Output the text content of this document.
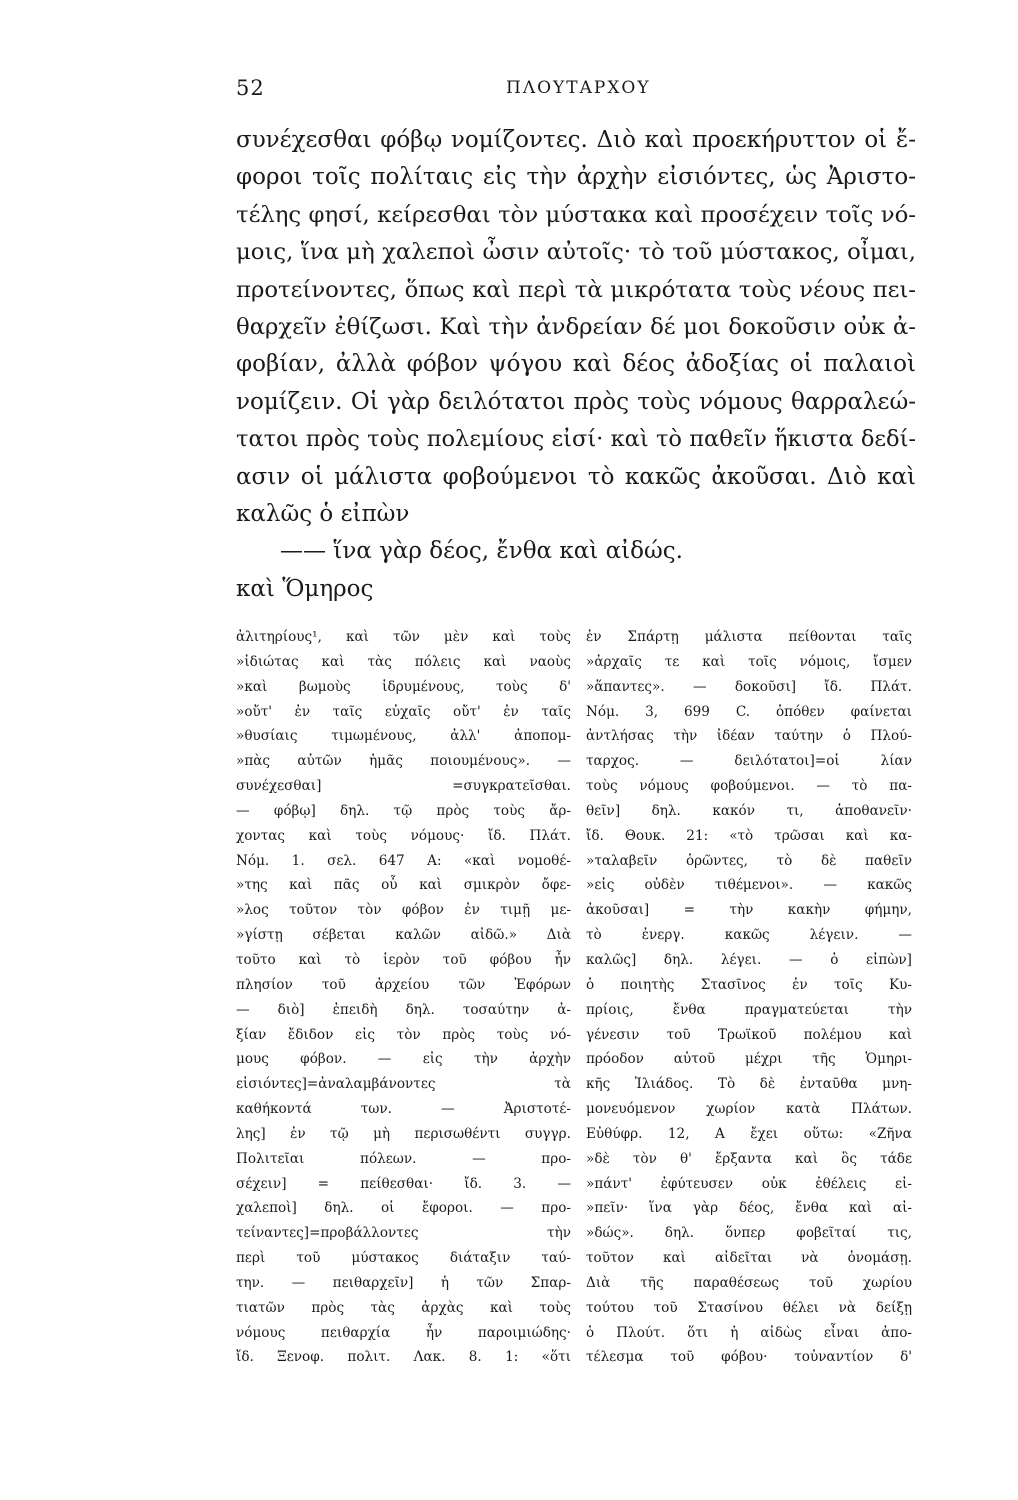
52	ΠΛΟΥΤΑΡΧΟΥ
συνέχεσθαι φόβῳ νομίζοντες. Διὸ καὶ προεκήρυττον οἱ ἔ-
φοροι τοῖς πολίταις εἰς τὴν ἀρχὴν εἰσιόντες, ὡς Ἀριστο-
τέλης φησί, κείρεσθαι τὸν μύστακα καὶ προσέχειν τοῖς νό-
μοις, ἵνα μὴ χαλεποὶ ὦσιν αὐτοῖς· τὸ τοῦ μύστακος, οἶμαι,
προτείνοντες, ὅπως καὶ περὶ τὰ μικρότατα τοὺς νέους πει-
θαρχεῖν ἐθίζωσι. Καὶ τὴν ἀνδρείαν δέ μοι δοκοῦσιν οὐκ ἀ-
φοβίαν, ἀλλὰ φόβον ψόγου καὶ δέος ἀδοξίας οἱ παλαιοὶ
νομίζειν. Οἱ γὰρ δειλότατοι πρὸς τοὺς νόμους θαρραλεώ-
τατοι πρὸς τοὺς πολεμίους εἰσί· καὶ τὸ παθεῖν ἥκιστα δεδί-
ασιν οἱ μάλιστα φοβούμενοι τὸ κακῶς ἀκοῦσαι. Διὸ καὶ
καλῶς ὁ εἰπὼν
—— ἵνα γὰρ δέος, ἔνθα καὶ αἰδώς.
καὶ Ὅμηρος
ἀλιτηρίους¹, καὶ τῶν μὲν καὶ τοὺς
»ἰδιώτας καὶ τὰς πόλεις καὶ ναοὺς
»καὶ βωμοὺς ἱδρυμένους, τοὺς δ'
»οὔτ' ἐν ταῖς εὐχαῖς οὔτ' ἐν ταῖς
»θυσίαις τιμωμένους, ἀλλ' ἀποπομ-
»πὰς αὐτῶν ἡμᾶς ποιουμένους». —
συνέχεσθαι] =συγκρατεῖσθαι.
— φόβῳ] δηλ. τῷ πρὸς τοὺς ἄρ-
χοντας καὶ τοὺς νόμους· ἴδ. Πλάτ.
Νόμ. 1. σελ. 647 Α: «καὶ νομοθέ-
»της καὶ πᾶς οὗ καὶ σμικρὸν ὄφε-
»λος τοῦτον τὸν φόβον ἐν τιμῇ με-
»γίστῃ σέβεται καλῶν αἰδῶ.» Διὰ
τοῦτο καὶ τὸ ἱερὸν τοῦ φόβου ἦν
πλησίον τοῦ ἀρχείου τῶν Ἐφόρων
— διὸ] ἐπειδὴ δηλ. τοσαύτην ἀ-
ξίαν ἔδιδον εἰς τὸν πρὸς τοὺς νό-
μους φόβον. — εἰς τὴν ἀρχὴν
εἰσιόντες]=ἀναλαμβάνοντες τὰ
καθήκοντά των. — Ἀριστοτέ-
λης] ἐν τῷ μὴ περισωθέντι συγγρ.
Πολιτεῖαι πόλεων. — προ-
σέχειν] = πείθεσθαι· ἴδ. 3. —
χαλεποὶ] δηλ. οἱ ἔφοροι. — προ-
τείναντες]=προβάλλοντες τὴν
περὶ τοῦ μύστακος διάταξιν ταύ-
την. — πειθαρχεῖν] ἡ τῶν Σπαρ-
τιατῶν πρὸς τὰς ἀρχὰς καὶ τοὺς
νόμους πειθαρχία ἦν παροιμιώδης·
ἴδ. Ξενοφ. πολιτ. Λακ. 8. 1: «ὅτι
ἐν Σπάρτῃ μάλιστα πείθονται ταῖς
»ἀρχαῖς τε καὶ τοῖς νόμοις, ἴσμεν
»ἅπαντες». — δοκοῦσι] ἴδ. Πλάτ.
Νόμ. 3, 699 C. ὁπόθεν φαίνεται
ἀντλήσας τὴν ἰδέαν ταύτην ὁ Πλού-
ταρχος. — δειλότατοι]=οἱ λίαν
τοὺς νόμους φοβούμενοι. — τὸ πα-
θεῖν] δηλ. κακόν τι, ἀποθανεῖν·
ἴδ. Θουκ. 21: «τὸ τρῶσαι καὶ κα-
»ταλαβεῖν ὁρῶντες, τὸ δὲ παθεῖν
»εἰς οὐδὲν τιθέμενοι». — κακῶς
ἀκοῦσαι] = τὴν κακὴν φήμην,
τὸ ἐνεργ. κακῶς λέγειν. —
καλῶς] δηλ. λέγει. — ὁ εἰπὼν]
ὁ ποιητὴς Στασῖνος ἐν τοῖς Κυ-
πρίοις, ἔνθα πραγματεύεται τὴν
γένεσιν τοῦ Τρωϊκοῦ πολέμου καὶ
πρόοδον αὐτοῦ μέχρι τῆς Ὁμηρι-
κῆς Ἰλιάδος. Τὸ δὲ ἐνταῦθα μνη-
μονευόμενον χωρίον κατὰ Πλάτων.
Εὐθύφρ. 12, Α ἔχει οὕτω: «Ζῆνα
»δὲ τὸν θ' ἔρξαντα καὶ ὃς τάδε
»πάντ' ἐφύτευσεν οὐκ ἐθέλεις εἰ-
»πεῖν· ἵνα γὰρ δέος, ἔνθα καὶ αἰ-
»δώς». δηλ. ὅνπερ φοβεῖταί τις,
τοῦτον καὶ αἰδεῖται νὰ ὀνομάσῃ.
Διὰ τῆς παραθέσεως τοῦ χωρίου
τούτου τοῦ Στασίνου θέλει νὰ δείξῃ
ὁ Πλούτ. ὅτι ἡ αἰδὼς εἶναι ἀπο-
τέλεσμα τοῦ φόβου· τοὐναντίον δ'
